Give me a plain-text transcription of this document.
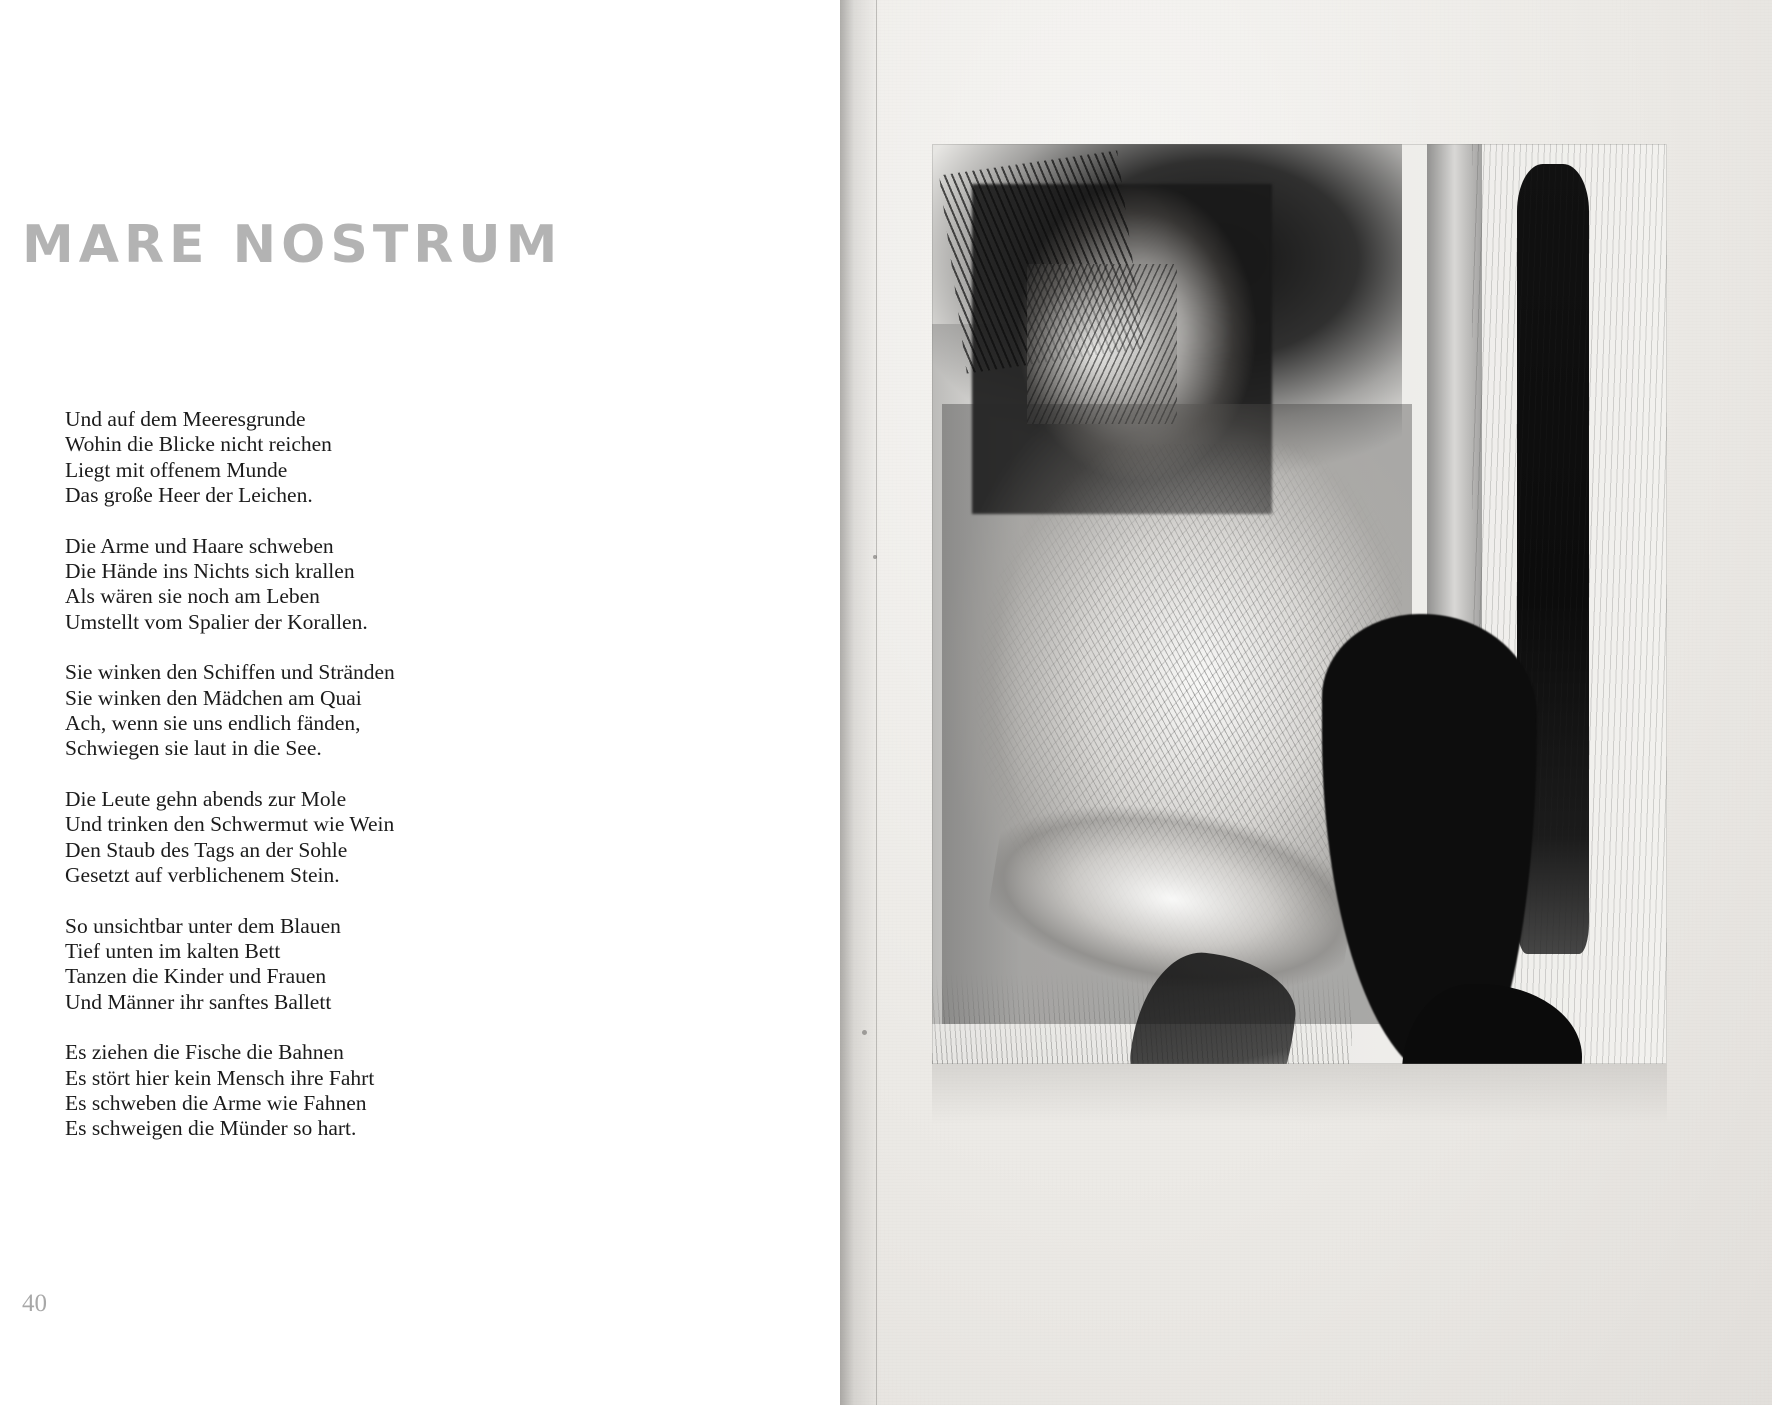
MARE NOSTRUM

Und auf dem Meeresgrunde
Wohin die Blicke nicht reichen
Liegt mit offenem Munde
Das große Heer der Leichen.

Die Arme und Haare schweben
Die Hände ins Nichts sich krallen
Als wären sie noch am Leben
Umstellt vom Spalier der Korallen.

Sie winken den Schiffen und Stränden
Sie winken den Mädchen am Quai
Ach, wenn sie uns endlich fänden,
Schwiegen sie laut in die See.

Die Leute gehn abends zur Mole
Und trinken den Schwermut wie Wein
Den Staub des Tags an der Sohle
Gesetzt auf verblichenem Stein.

So unsichtbar unter dem Blauen
Tief unten im kalten Bett
Tanzen die Kinder und Frauen
Und Männer ihr sanftes Ballett

Es ziehen die Fische die Bahnen
Es stört hier kein Mensch ihre Fahrt
Es schweben die Arme wie Fahnen
Es schweigen die Münder so hart.

40
